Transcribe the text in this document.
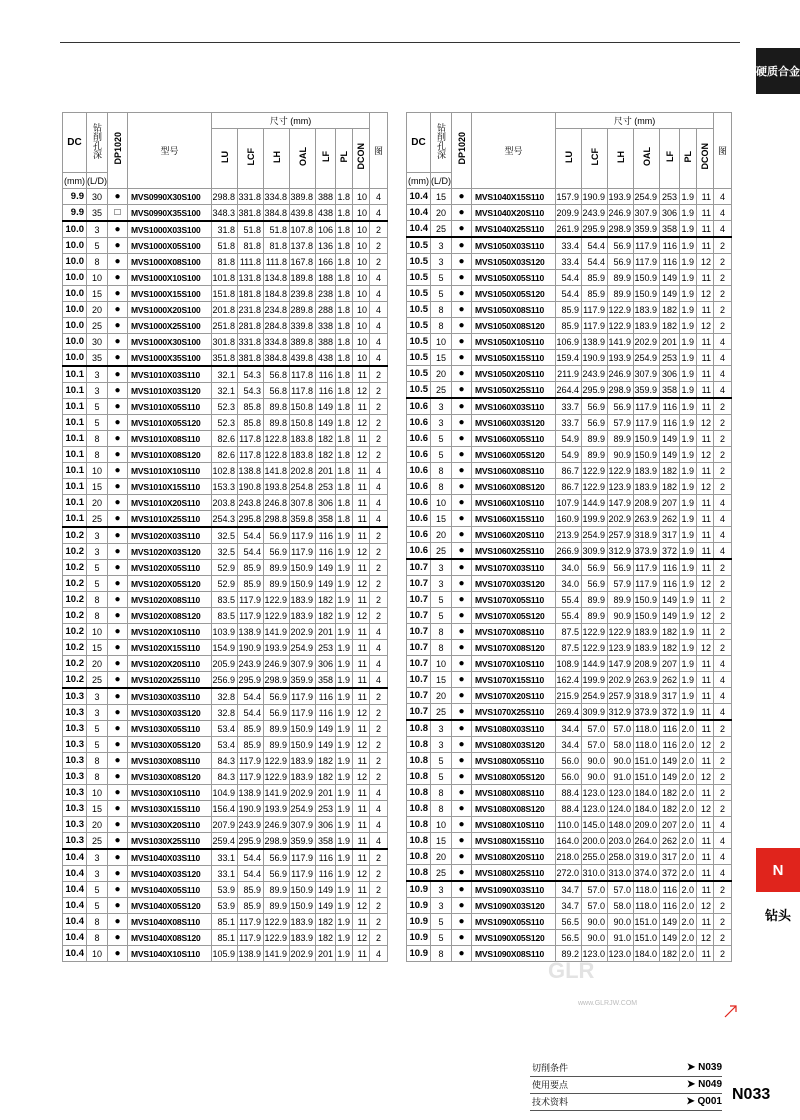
硬质合金
N
钻头
DC	钻削孔深	DP1020	型号	尺寸 (mm)							图
				LU	LCF	LH	OAL	LF	PL	DCON	
(mm)	(L/D)										
9.9	30	●	MVS0990X30S100	298.8	331.8	334.8	389.8	388	1.8	10	4
9.9	35	□	MVS0990X35S100	348.3	381.8	384.8	439.8	438	1.8	10	4
10.0	3	●	MVS1000X03S100	31.8	51.8	51.8	107.8	106	1.8	10	2
10.0	5	●	MVS1000X05S100	51.8	81.8	81.8	137.8	136	1.8	10	2
10.0	8	●	MVS1000X08S100	81.8	111.8	111.8	167.8	166	1.8	10	2
10.0	10	●	MVS1000X10S100	101.8	131.8	134.8	189.8	188	1.8	10	4
10.0	15	●	MVS1000X15S100	151.8	181.8	184.8	239.8	238	1.8	10	4
10.0	20	●	MVS1000X20S100	201.8	231.8	234.8	289.8	288	1.8	10	4
10.0	25	●	MVS1000X25S100	251.8	281.8	284.8	339.8	338	1.8	10	4
10.0	30	●	MVS1000X30S100	301.8	331.8	334.8	389.8	388	1.8	10	4
10.0	35	●	MVS1000X35S100	351.8	381.8	384.8	439.8	438	1.8	10	4
10.1	3	●	MVS1010X03S110	32.1	54.3	56.8	117.8	116	1.8	11	2
10.1	3	●	MVS1010X03S120	32.1	54.3	56.8	117.8	116	1.8	12	2
10.1	5	●	MVS1010X05S110	52.3	85.8	89.8	150.8	149	1.8	11	2
10.1	5	●	MVS1010X05S120	52.3	85.8	89.8	150.8	149	1.8	12	2
10.1	8	●	MVS1010X08S110	82.6	117.8	122.8	183.8	182	1.8	11	2
10.1	8	●	MVS1010X08S120	82.6	117.8	122.8	183.8	182	1.8	12	2
10.1	10	●	MVS1010X10S110	102.8	138.8	141.8	202.8	201	1.8	11	4
10.1	15	●	MVS1010X15S110	153.3	190.8	193.8	254.8	253	1.8	11	4
10.1	20	●	MVS1010X20S110	203.8	243.8	246.8	307.8	306	1.8	11	4
10.1	25	●	MVS1010X25S110	254.3	295.8	298.8	359.8	358	1.8	11	4
10.2	3	●	MVS1020X03S110	32.5	54.4	56.9	117.9	116	1.9	11	2
10.2	3	●	MVS1020X03S120	32.5	54.4	56.9	117.9	116	1.9	12	2
10.2	5	●	MVS1020X05S110	52.9	85.9	89.9	150.9	149	1.9	11	2
10.2	5	●	MVS1020X05S120	52.9	85.9	89.9	150.9	149	1.9	12	2
10.2	8	●	MVS1020X08S110	83.5	117.9	122.9	183.9	182	1.9	11	2
10.2	8	●	MVS1020X08S120	83.5	117.9	122.9	183.9	182	1.9	12	2
10.2	10	●	MVS1020X10S110	103.9	138.9	141.9	202.9	201	1.9	11	4
10.2	15	●	MVS1020X15S110	154.9	190.9	193.9	254.9	253	1.9	11	4
10.2	20	●	MVS1020X20S110	205.9	243.9	246.9	307.9	306	1.9	11	4
10.2	25	●	MVS1020X25S110	256.9	295.9	298.9	359.9	358	1.9	11	4
10.3	3	●	MVS1030X03S110	32.8	54.4	56.9	117.9	116	1.9	11	2
10.3	3	●	MVS1030X03S120	32.8	54.4	56.9	117.9	116	1.9	12	2
10.3	5	●	MVS1030X05S110	53.4	85.9	89.9	150.9	149	1.9	11	2
10.3	5	●	MVS1030X05S120	53.4	85.9	89.9	150.9	149	1.9	12	2
10.3	8	●	MVS1030X08S110	84.3	117.9	122.9	183.9	182	1.9	11	2
10.3	8	●	MVS1030X08S120	84.3	117.9	122.9	183.9	182	1.9	12	2
10.3	10	●	MVS1030X10S110	104.9	138.9	141.9	202.9	201	1.9	11	4
10.3	15	●	MVS1030X15S110	156.4	190.9	193.9	254.9	253	1.9	11	4
10.3	20	●	MVS1030X20S110	207.9	243.9	246.9	307.9	306	1.9	11	4
10.3	25	●	MVS1030X25S110	259.4	295.9	298.9	359.9	358	1.9	11	4
10.4	3	●	MVS1040X03S110	33.1	54.4	56.9	117.9	116	1.9	11	2
10.4	3	●	MVS1040X03S120	33.1	54.4	56.9	117.9	116	1.9	12	2
10.4	5	●	MVS1040X05S110	53.9	85.9	89.9	150.9	149	1.9	11	2
10.4	5	●	MVS1040X05S120	53.9	85.9	89.9	150.9	149	1.9	12	2
10.4	8	●	MVS1040X08S110	85.1	117.9	122.9	183.9	182	1.9	11	2
10.4	8	●	MVS1040X08S120	85.1	117.9	122.9	183.9	182	1.9	12	2
10.4	10	●	MVS1040X10S110	105.9	138.9	141.9	202.9	201	1.9	11	4
DC	钻削孔深	DP1020	型号	尺寸 (mm)							图
				LU	LCF	LH	OAL	LF	PL	DCON	
(mm)	(L/D)										
10.4	15	●	MVS1040X15S110	157.9	190.9	193.9	254.9	253	1.9	11	4
10.4	20	●	MVS1040X20S110	209.9	243.9	246.9	307.9	306	1.9	11	4
10.4	25	●	MVS1040X25S110	261.9	295.9	298.9	359.9	358	1.9	11	4
10.5	3	●	MVS1050X03S110	33.4	54.4	56.9	117.9	116	1.9	11	2
10.5	3	●	MVS1050X03S120	33.4	54.4	56.9	117.9	116	1.9	12	2
10.5	5	●	MVS1050X05S110	54.4	85.9	89.9	150.9	149	1.9	11	2
10.5	5	●	MVS1050X05S120	54.4	85.9	89.9	150.9	149	1.9	12	2
10.5	8	●	MVS1050X08S110	85.9	117.9	122.9	183.9	182	1.9	11	2
10.5	8	●	MVS1050X08S120	85.9	117.9	122.9	183.9	182	1.9	12	2
10.5	10	●	MVS1050X10S110	106.9	138.9	141.9	202.9	201	1.9	11	4
10.5	15	●	MVS1050X15S110	159.4	190.9	193.9	254.9	253	1.9	11	4
10.5	20	●	MVS1050X20S110	211.9	243.9	246.9	307.9	306	1.9	11	4
10.5	25	●	MVS1050X25S110	264.4	295.9	298.9	359.9	358	1.9	11	4
10.6	3	●	MVS1060X03S110	33.7	56.9	56.9	117.9	116	1.9	11	2
10.6	3	●	MVS1060X03S120	33.7	56.9	57.9	117.9	116	1.9	12	2
10.6	5	●	MVS1060X05S110	54.9	89.9	89.9	150.9	149	1.9	11	2
10.6	5	●	MVS1060X05S120	54.9	89.9	90.9	150.9	149	1.9	12	2
10.6	8	●	MVS1060X08S110	86.7	122.9	122.9	183.9	182	1.9	11	2
10.6	8	●	MVS1060X08S120	86.7	122.9	123.9	183.9	182	1.9	12	2
10.6	10	●	MVS1060X10S110	107.9	144.9	147.9	208.9	207	1.9	11	4
10.6	15	●	MVS1060X15S110	160.9	199.9	202.9	263.9	262	1.9	11	4
10.6	20	●	MVS1060X20S110	213.9	254.9	257.9	318.9	317	1.9	11	4
10.6	25	●	MVS1060X25S110	266.9	309.9	312.9	373.9	372	1.9	11	4
10.7	3	●	MVS1070X03S110	34.0	56.9	56.9	117.9	116	1.9	11	2
10.7	3	●	MVS1070X03S120	34.0	56.9	57.9	117.9	116	1.9	12	2
10.7	5	●	MVS1070X05S110	55.4	89.9	89.9	150.9	149	1.9	11	2
10.7	5	●	MVS1070X05S120	55.4	89.9	90.9	150.9	149	1.9	12	2
10.7	8	●	MVS1070X08S110	87.5	122.9	122.9	183.9	182	1.9	11	2
10.7	8	●	MVS1070X08S120	87.5	122.9	123.9	183.9	182	1.9	12	2
10.7	10	●	MVS1070X10S110	108.9	144.9	147.9	208.9	207	1.9	11	4
10.7	15	●	MVS1070X15S110	162.4	199.9	202.9	263.9	262	1.9	11	4
10.7	20	●	MVS1070X20S110	215.9	254.9	257.9	318.9	317	1.9	11	4
10.7	25	●	MVS1070X25S110	269.4	309.9	312.9	373.9	372	1.9	11	4
10.8	3	●	MVS1080X03S110	34.4	57.0	57.0	118.0	116	2.0	11	2
10.8	3	●	MVS1080X03S120	34.4	57.0	58.0	118.0	116	2.0	12	2
10.8	5	●	MVS1080X05S110	56.0	90.0	90.0	151.0	149	2.0	11	2
10.8	5	●	MVS1080X05S120	56.0	90.0	91.0	151.0	149	2.0	12	2
10.8	8	●	MVS1080X08S110	88.4	123.0	123.0	184.0	182	2.0	11	2
10.8	8	●	MVS1080X08S120	88.4	123.0	124.0	184.0	182	2.0	12	2
10.8	10	●	MVS1080X10S110	110.0	145.0	148.0	209.0	207	2.0	11	4
10.8	15	●	MVS1080X15S110	164.0	200.0	203.0	264.0	262	2.0	11	4
10.8	20	●	MVS1080X20S110	218.0	255.0	258.0	319.0	317	2.0	11	4
10.8	25	●	MVS1080X25S110	272.0	310.0	313.0	374.0	372	2.0	11	4
10.9	3	●	MVS1090X03S110	34.7	57.0	57.0	118.0	116	2.0	11	2
10.9	3	●	MVS1090X03S120	34.7	57.0	58.0	118.0	116	2.0	12	2
10.9	5	●	MVS1090X05S110	56.5	90.0	90.0	151.0	149	2.0	11	2
10.9	5	●	MVS1090X05S120	56.5	90.0	91.0	151.0	149	2.0	12	2
10.9	8	●	MVS1090X08S110	89.2	123.0	123.0	184.0	182	2.0	11	2
GLR
www.GLRJW.COM
切削条件	➤ N039
使用要点	➤ N049
技术资料	➤ Q001 N033
